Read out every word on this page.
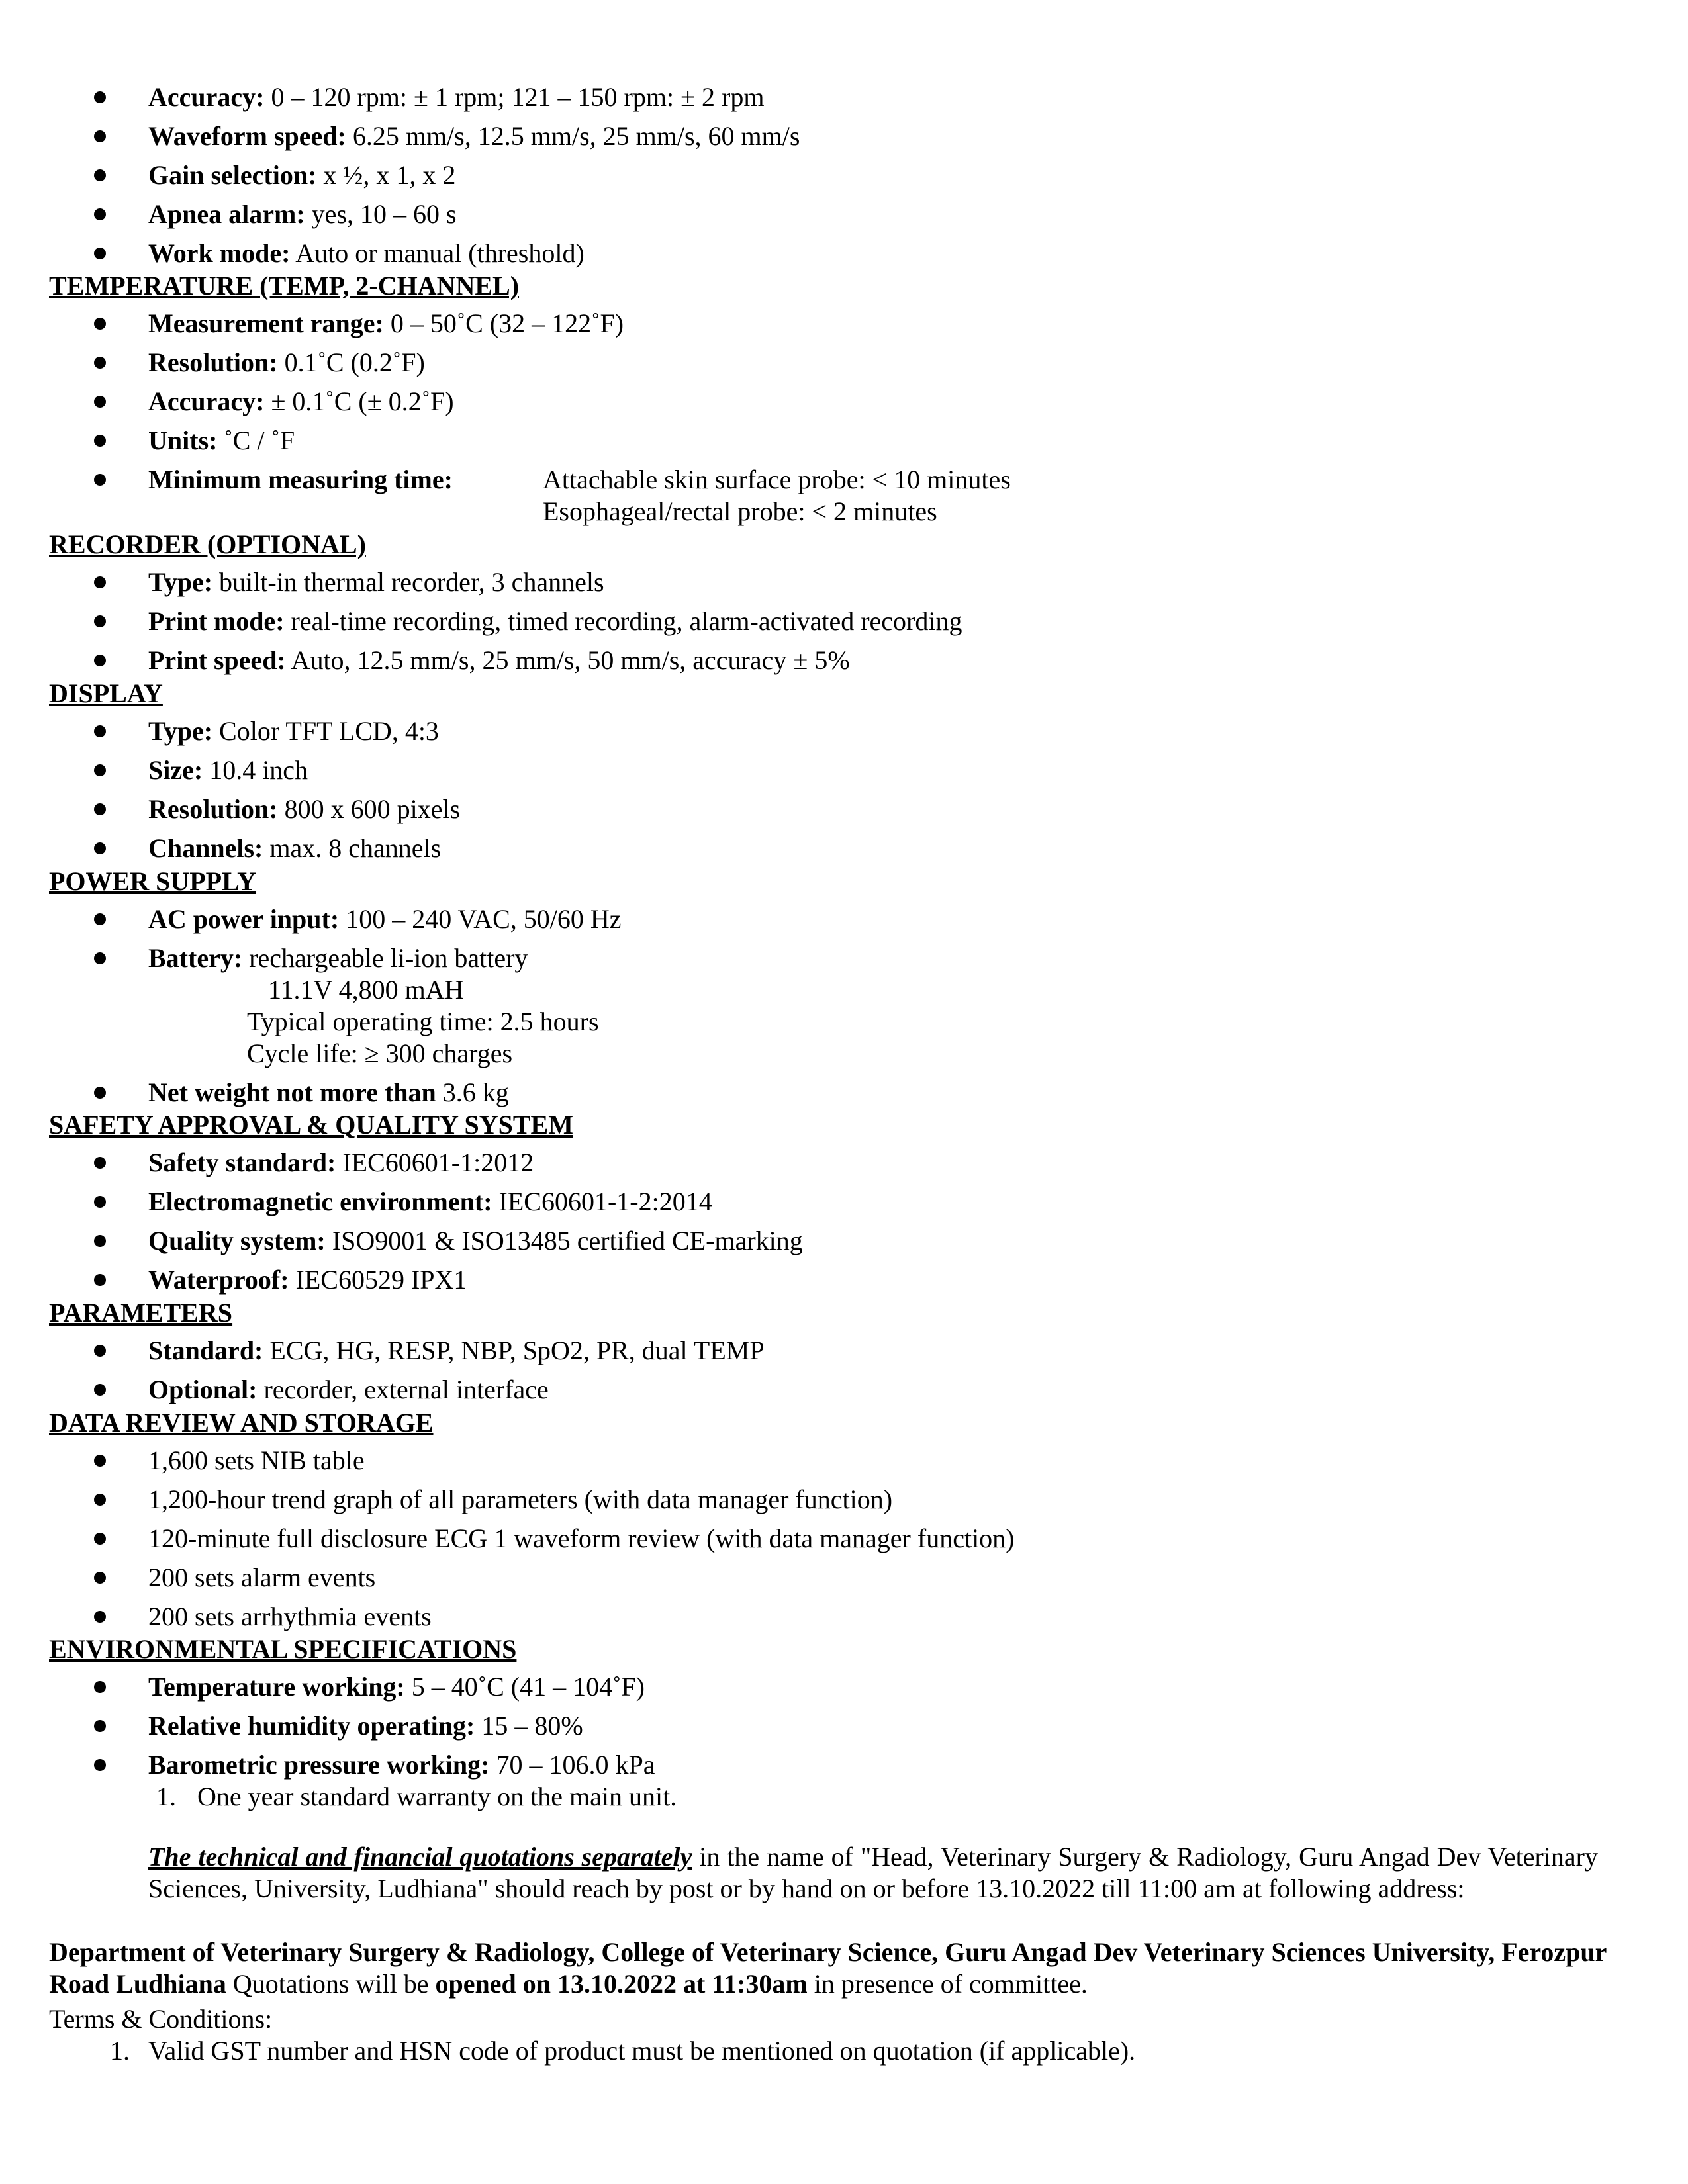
Accuracy: 0 – 120 rpm: ± 1 rpm; 121 – 150 rpm: ± 2 rpm
Waveform speed: 6.25 mm/s, 12.5 mm/s, 25 mm/s, 60 mm/s
Gain selection: x ½, x 1, x 2
Apnea alarm: yes, 10 – 60 s
Work mode: Auto or manual (threshold)
TEMPERATURE (TEMP, 2-CHANNEL)
Measurement range: 0 – 50˚C (32 – 122˚F)
Resolution: 0.1˚C (0.2˚F)
Accuracy: ± 0.1˚C (± 0.2˚F)
Units: ˚C / ˚F
Minimum measuring time:	Attachable skin surface probe: < 10 minutes
Esophageal/rectal probe: < 2 minutes
RECORDER (OPTIONAL)
Type: built-in thermal recorder, 3 channels
Print mode: real-time recording, timed recording, alarm-activated recording
Print speed: Auto, 12.5 mm/s, 25 mm/s, 50 mm/s, accuracy ± 5%
DISPLAY
Type: Color TFT LCD, 4:3
Size: 10.4 inch
Resolution: 800 x 600 pixels
Channels: max. 8 channels
POWER SUPPLY
AC power input: 100 – 240 VAC, 50/60 Hz
Battery: rechargeable li-ion battery
11.1V 4,800 mAH
Typical operating time: 2.5 hours
Cycle life: ≥ 300 charges
Net weight not more than 3.6 kg
SAFETY APPROVAL & QUALITY SYSTEM
Safety standard: IEC60601-1:2012
Electromagnetic environment: IEC60601-1-2:2014
Quality system: ISO9001 & ISO13485 certified CE-marking
Waterproof: IEC60529 IPX1
PARAMETERS
Standard: ECG, HG, RESP, NBP, SpO2, PR, dual TEMP
Optional: recorder, external interface
DATA REVIEW AND STORAGE
1,600 sets NIB table
1,200-hour trend graph of all parameters (with data manager function)
120-minute full disclosure ECG 1 waveform review (with data manager function)
200 sets alarm events
200 sets arrhythmia events
ENVIRONMENTAL SPECIFICATIONS
Temperature working: 5 – 40˚C (41 – 104˚F)
Relative humidity operating: 15 – 80%
Barometric pressure working: 70 – 106.0 kPa
1. One year standard warranty on the main unit.
The technical and financial quotations separately in the name of "Head, Veterinary Surgery & Radiology, Guru Angad Dev Veterinary Sciences, University, Ludhiana" should reach by post or by hand on or before 13.10.2022 till 11:00 am at following address:
Department of Veterinary Surgery & Radiology, College of Veterinary Science, Guru Angad Dev Veterinary Sciences University, Ferozpur Road Ludhiana Quotations will be opened on 13.10.2022 at 11:30am in presence of committee.
Terms & Conditions:
1. Valid GST number and HSN code of product must be mentioned on quotation (if applicable).
